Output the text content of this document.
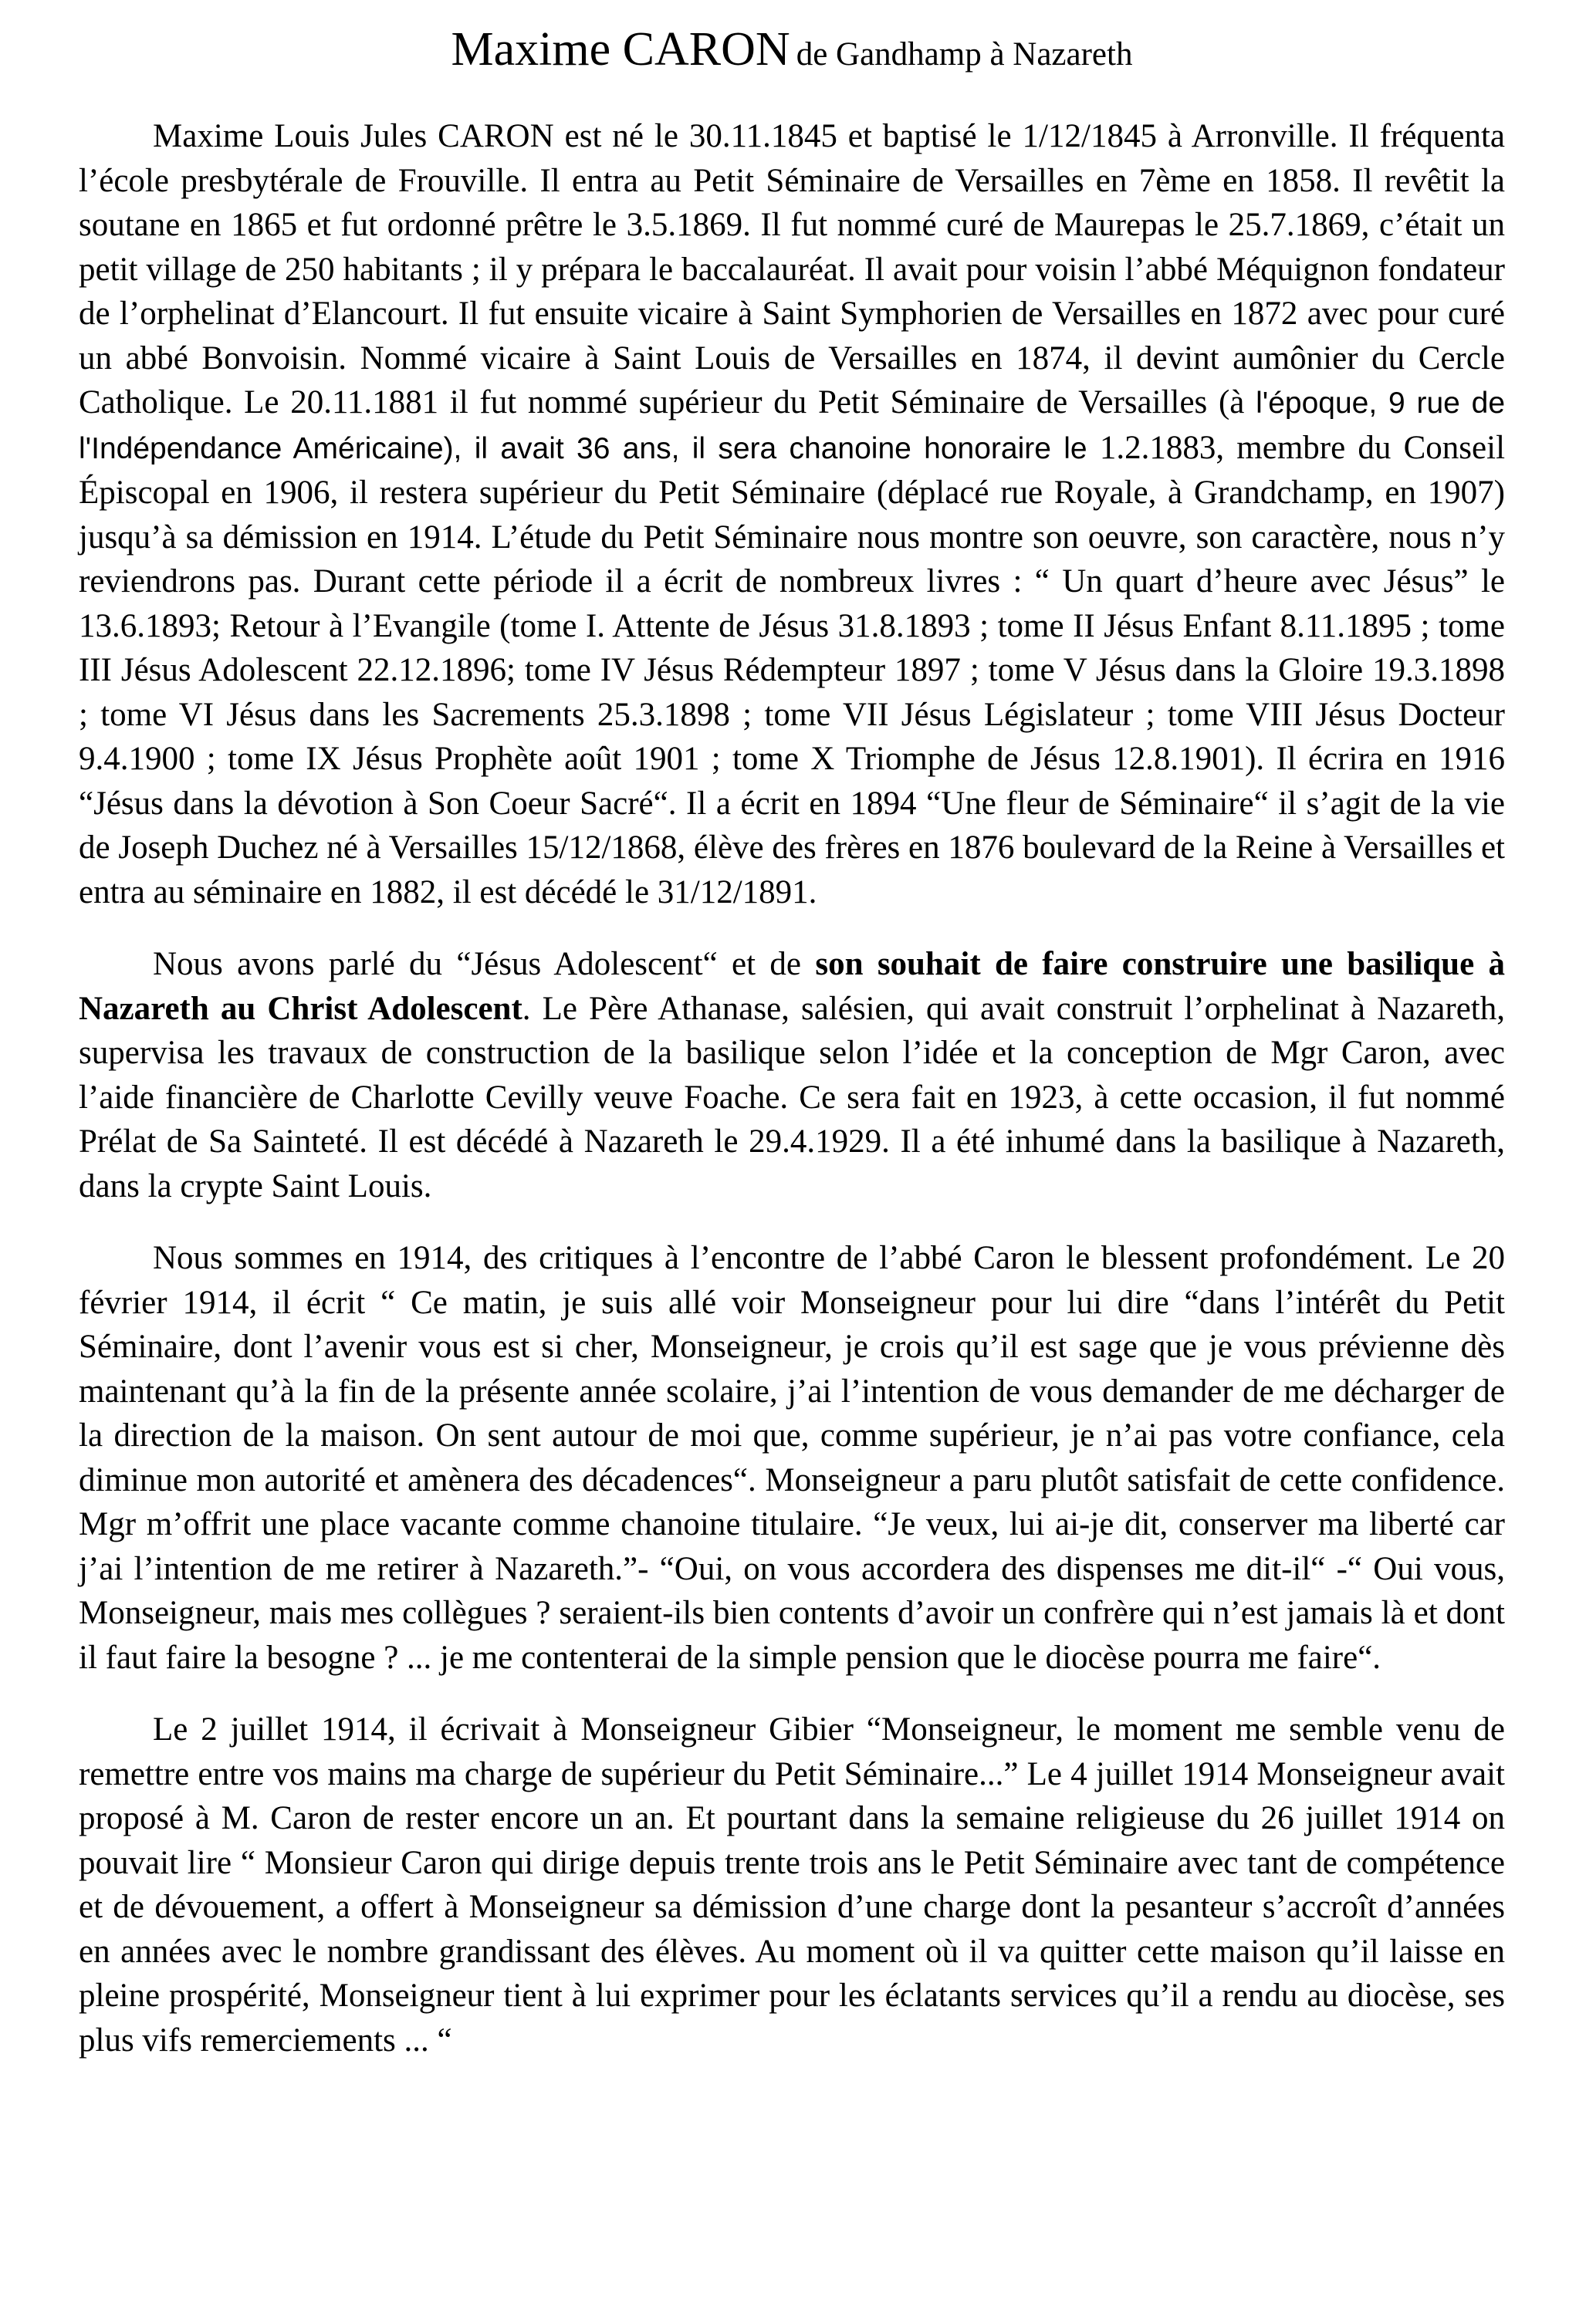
Maxime CARON de Gandhamp à Nazareth

Maxime Louis Jules CARON est né le 30.11.1845 et baptisé le 1/12/1845 à Arronville. Il fréquenta l’école presbytérale de Frouville. Il entra au Petit Séminaire de Versailles en 7ème en 1858. Il revêtit la soutane en 1865 et fut ordonné prêtre le 3.5.1869. Il fut nommé curé de Maurepas le 25.7.1869, c’était un petit village de 250 habitants ; il y prépara le baccalauréat. Il avait pour voisin l’abbé Méquignon fondateur de l’orphelinat d’Elancourt. Il fut ensuite vicaire à Saint Symphorien de Versailles en 1872 avec pour curé un abbé Bonvoisin. Nommé vicaire à Saint Louis de Versailles en 1874, il devint aumônier du Cercle Catholique. Le 20.11.1881 il fut nommé supérieur du Petit Séminaire de Versailles (à l'époque, 9 rue de l'Indépendance Américaine), il avait 36 ans, il sera chanoine honoraire le 1.2.1883, membre du Conseil Épiscopal en 1906, il restera supérieur du Petit Séminaire (déplacé rue Royale, à Grandchamp, en 1907) jusqu’à sa démission en 1914. L’étude du Petit Séminaire nous montre son oeuvre, son caractère, nous n’y reviendrons pas. Durant cette période il a écrit de nombreux livres : “ Un quart d’heure avec Jésus” le 13.6.1893; Retour à l’Evangile (tome I. Attente de Jésus 31.8.1893 ; tome II Jésus Enfant 8.11.1895 ; tome III Jésus Adolescent 22.12.1896; tome IV Jésus Rédempteur 1897 ; tome V Jésus dans la Gloire 19.3.1898 ; tome VI Jésus dans les Sacrements 25.3.1898 ; tome VII Jésus Législateur ; tome VIII Jésus Docteur 9.4.1900 ; tome IX Jésus Prophète août 1901 ; tome X Triomphe de Jésus 12.8.1901). Il écrira en 1916 “Jésus dans la dévotion à Son Coeur Sacré“. Il a écrit en 1894 “Une fleur de Séminaire“ il s’agit de la vie de Joseph Duchez né à Versailles 15/12/1868, élève des frères en 1876 boulevard de la Reine à Versailles et entra au séminaire en 1882, il est décédé le 31/12/1891.

Nous avons parlé du “Jésus Adolescent“ et de son souhait de faire construire une basilique à Nazareth au Christ Adolescent. Le Père Athanase, salésien, qui avait construit l’orphelinat à Nazareth, supervisa les travaux de construction de la basilique selon l’idée et la conception de Mgr Caron, avec l’aide financière de Charlotte Cevilly veuve Foache. Ce sera fait en 1923, à cette occasion, il fut nommé Prélat de Sa Sainteté. Il est décédé à Nazareth le 29.4.1929. Il a été inhumé dans la basilique à Nazareth, dans la crypte Saint Louis.

Nous sommes en 1914, des critiques à l’encontre de l’abbé Caron le blessent profondément. Le 20 février 1914, il écrit “ Ce matin, je suis allé voir Monseigneur pour lui dire “dans l’intérêt du Petit Séminaire, dont l’avenir vous est si cher, Monseigneur, je crois qu’il est sage que je vous prévienne dès maintenant qu’à la fin de la présente année scolaire, j’ai l’intention de vous demander de me décharger de la direction de la maison. On sent autour de moi que, comme supérieur, je n’ai pas votre confiance, cela diminue mon autorité et amènera des décadences“. Monseigneur a paru plutôt satisfait de cette confidence. Mgr m’offrit une place vacante comme chanoine titulaire. “Je veux, lui ai-je dit, conserver ma liberté car j’ai l’intention de me retirer à Nazareth.”- “Oui, on vous accordera des dispenses me dit-il“ -“ Oui vous, Monseigneur, mais mes collègues ? seraient-ils bien contents d’avoir un confrère qui n’est jamais là et dont il faut faire la besogne ? ... je me contenterai de la simple pension que le diocèse pourra me faire“.

Le 2 juillet 1914, il écrivait à Monseigneur Gibier “Monseigneur, le moment me semble venu de remettre entre vos mains ma charge de supérieur du Petit Séminaire...” Le 4 juillet 1914 Monseigneur avait proposé à M. Caron de rester encore un an. Et pourtant dans la semaine religieuse du 26 juillet 1914 on pouvait lire “ Monsieur Caron qui dirige depuis trente trois ans le Petit Séminaire avec tant de compétence et de dévouement, a offert à Monseigneur sa démission d’une charge dont la pesanteur s’accroît d’années en années avec le nombre grandissant des élèves. Au moment où il va quitter cette maison qu’il laisse en pleine prospérité, Monseigneur tient à lui exprimer pour les éclatants services qu’il a rendu au diocèse, ses plus vifs remerciements ... “
